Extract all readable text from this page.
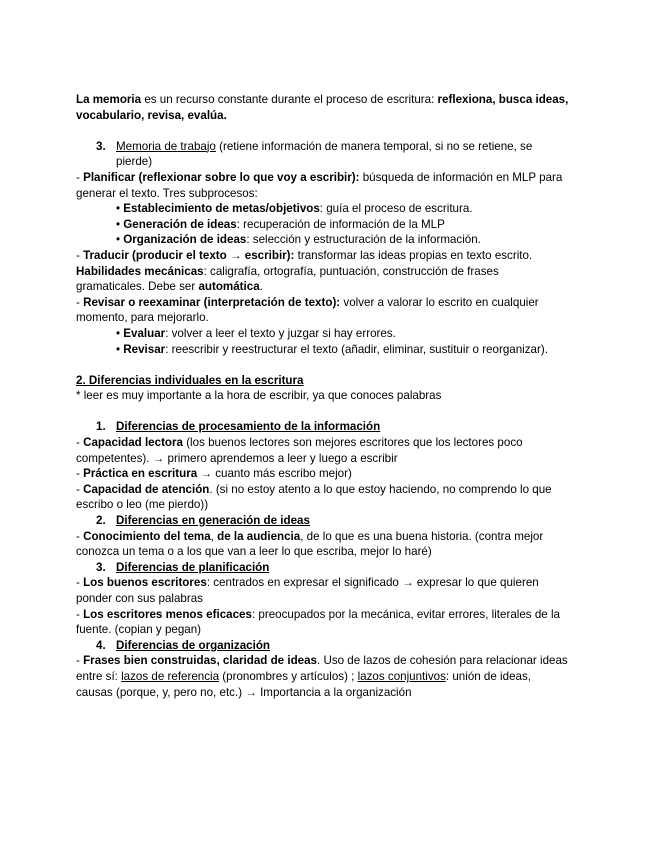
La memoria es un recurso constante durante el proceso de escritura: reflexiona, busca ideas,
vocabulario, revisa, evalúa.
3. Memoria de trabajo (retiene información de manera temporal, si no se retiene, se
pierde)
- Planificar (reflexionar sobre lo que voy a escribir): búsqueda de información en MLP para
generar el texto. Tres subprocesos:
• Establecimiento de metas/objetivos: guía el proceso de escritura.
• Generación de ideas: recuperación de información de la MLP
• Organización de ideas: selección y estructuración de la información.
- Traducir (producir el texto → escribir): transformar las ideas propias en texto escrito.
Habilidades mecánicas: caligrafía, ortografía, puntuación, construcción de frases
gramaticales. Debe ser automática.
- Revisar o reexaminar (interpretación de texto): volver a valorar lo escrito en cualquier
momento, para mejorarlo.
• Evaluar: volver a leer el texto y juzgar si hay errores.
• Revisar: reescribir y reestructurar el texto (añadir, eliminar, sustituir o reorganizar).
2. Diferencias individuales en la escritura
* leer es muy importante a la hora de escribir, ya que conoces palabras
1. Diferencias de procesamiento de la información
- Capacidad lectora (los buenos lectores son mejores escritores que los lectores poco
competentes). → primero aprendemos a leer y luego a escribir
- Práctica en escritura → cuanto más escribo mejor)
- Capacidad de atención. (si no estoy atento a lo que estoy haciendo, no comprendo lo que
escribo o leo (me pierdo))
2. Diferencias en generación de ideas
- Conocimiento del tema, de la audiencia, de lo que es una buena historia. (contra mejor
conozca un tema o a los que van a leer lo que escriba, mejor lo haré)
3. Diferencias de planificación
- Los buenos escritores: centrados en expresar el significado → expresar lo que quieren
ponder con sus palabras
- Los escritores menos eficaces: preocupados por la mecánica, evitar errores, literales de la
fuente. (copian y pegan)
4. Diferencias de organización
- Frases bien construidas, claridad de ideas. Uso de lazos de cohesión para relacionar ideas
entre sí: lazos de referencia (pronombres y artículos) ; lazos conjuntivos: unión de ideas,
causas (porque, y, pero no, etc.) → Importancia a la organización
